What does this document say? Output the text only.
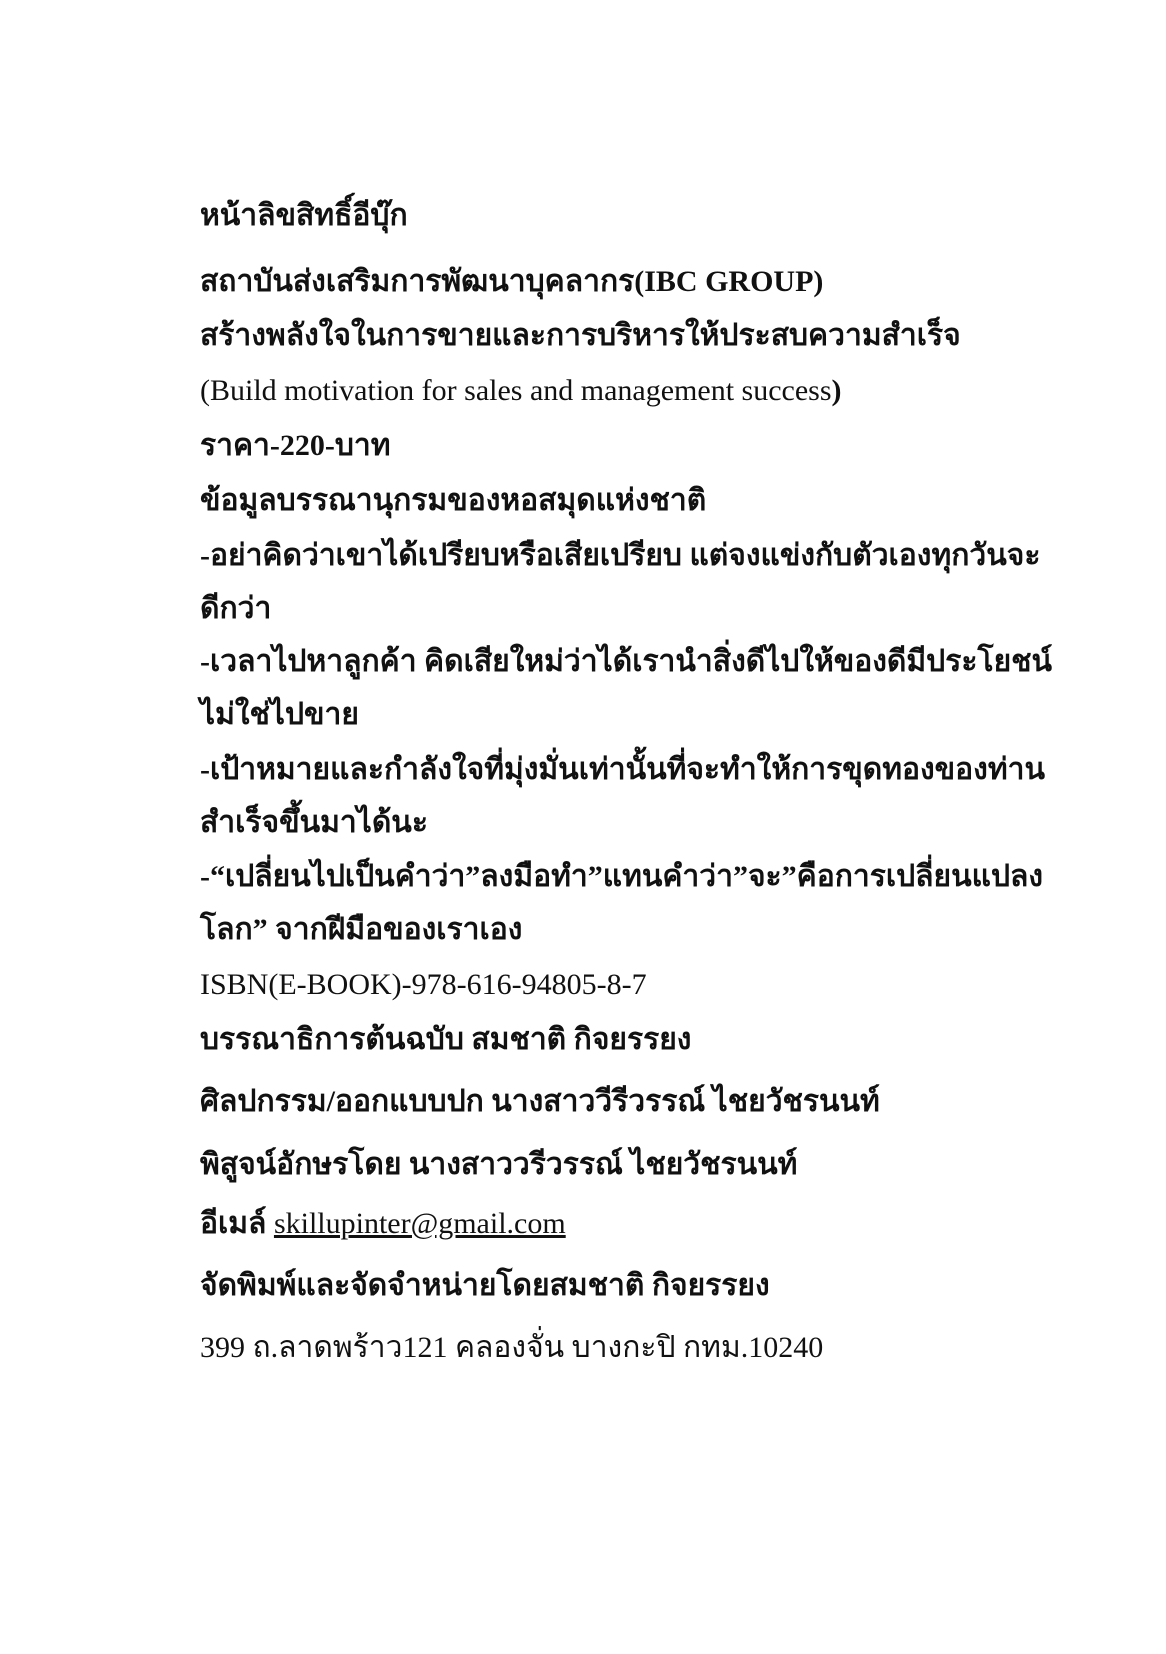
หน้าลิขสิทธิ์อีบุ๊ก

สถาบันส่งเสริมการพัฒนาบุคลากร(IBC GROUP)

สร้างพลังใจในการขายและการบริหารให้ประสบความสำเร็จ

(Build motivation for sales and management success)

ราคา-220-บาท

ข้อมูลบรรณานุกรมของหอสมุดแห่งชาติ

-อย่าคิดว่าเขาได้เปรียบหรือเสียเปรียบ แต่จงแข่งกับตัวเองทุกวันจะ

ดีกว่า

-เวลาไปหาลูกค้า คิดเสียใหม่ว่าได้เรานำสิ่งดีไปให้ของดีมีประโยชน์

ไม่ใช่ไปขาย

-เป้าหมายและกำลังใจที่มุ่งมั่นเท่านั้นที่จะทำให้การขุดทองของท่าน

สำเร็จขึ้นมาได้นะ

-“เปลี่ยนไปเป็นคำว่า”ลงมือทำ”แทนคำว่า”จะ”คือการเปลี่ยนแปลง

โลก” จากฝีมือของเราเอง

ISBN(E-BOOK)-978-616-94805-8-7

บรรณาธิการต้นฉบับ สมชาติ กิจยรรยง

ศิลปกรรม/ออกแบบปก นางสาววีรีวรรณ์ ไชยวัชรนนท์

พิสูจน์อักษรโดย นางสาววรีวรรณ์ ไชยวัชรนนท์

อีเมล์ skillupinter@gmail.com

จัดพิมพ์และจัดจำหน่ายโดยสมชาติ กิจยรรยง

399 ถ.ลาดพร้าว121 คลองจั่น บางกะปิ กทม.10240
